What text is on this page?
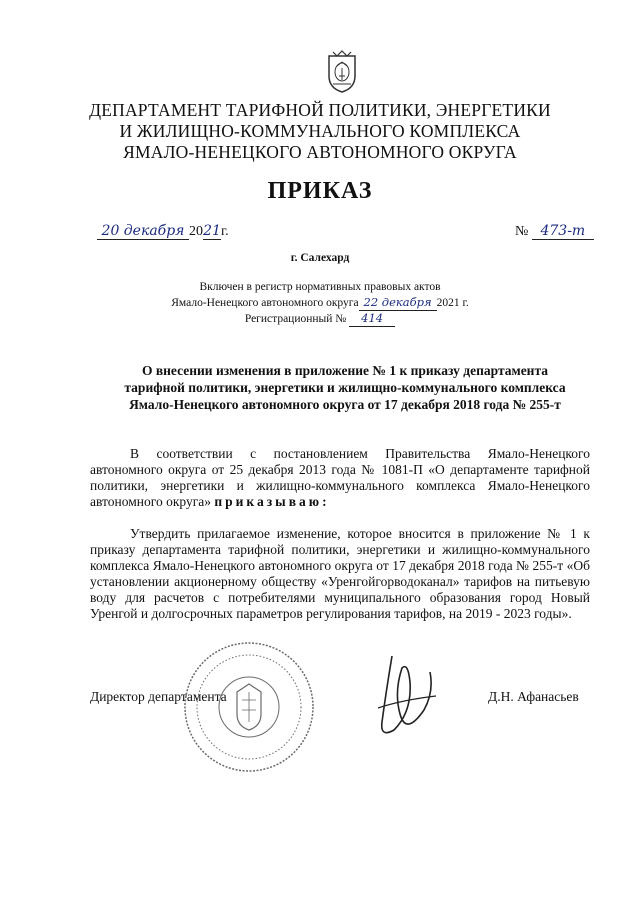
ДЕПАРТАМЕНТ ТАРИФНОЙ ПОЛИТИКИ, ЭНЕРГЕТИКИ
И ЖИЛИЩНО-КОММУНАЛЬНОГО КОМПЛЕКСА
ЯМАЛО-НЕНЕЦКОГО АВТОНОМНОГО ОКРУГА
ПРИКАЗ
20 декабря 2021г.	№ 473-т
г. Салехард
Включен в регистр нормативных правовых актов
Ямало-Ненецкого автономного округа 22 декабря 2021 г.
Регистрационный № 414
О внесении изменения в приложение № 1 к приказу департамента
тарифной политики, энергетики и жилищно-коммунального комплекса
Ямало-Ненецкого автономного округа от 17 декабря 2018 года № 255-т
В соответствии с постановлением Правительства Ямало-Ненецкого автономного округа от 25 декабря 2013 года № 1081-П «О департаменте тарифной политики, энергетики и жилищно-коммунального комплекса Ямало-Ненецкого автономного округа» приказываю:
Утвердить прилагаемое изменение, которое вносится в приложение № 1 к приказу департамента тарифной политики, энергетики и жилищно-коммунального комплекса Ямало-Ненецкого автономного округа от 17 декабря 2018 года № 255-т «Об установлении акционерному обществу «Уренгойгорводоканал» тарифов на питьевую воду для расчетов с потребителями муниципального образования город Новый Уренгой и долгосрочных параметров регулирования тарифов, на 2019 - 2023 годы».
Директор департамента	Д.Н. Афанасьев
